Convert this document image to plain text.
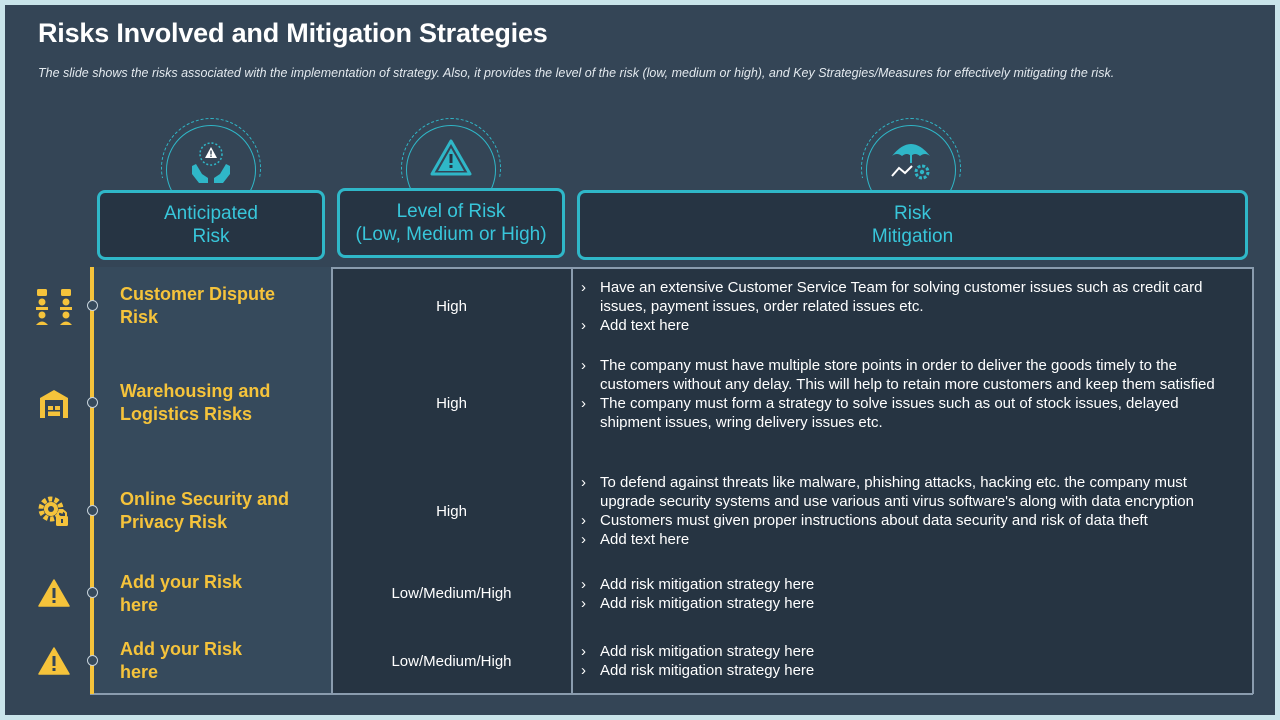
Risks Involved and Mitigation Strategies

The slide shows the risks associated with the implementation of strategy. Also, it provides the level of the risk (low, medium or high), and Key Strategies/Measures for effectively mitigating the risk.

Anticipated
Risk
Level of Risk
(Low, Medium or High)
Risk
Mitigation
Customer Dispute
Risk
High
› Have an extensive Customer Service Team for solving customer issues such as credit card issues, payment issues, order related issues etc.
› Add text here
Warehousing and
Logistics Risks
High
› The company must have multiple store points in order to deliver the goods timely to the customers without any delay. This will help to retain more customers and keep them satisfied
› The company must form a strategy to solve issues such as out of stock issues, delayed shipment issues, wring delivery issues etc.
Online Security and
Privacy Risk
High
› To defend against threats like malware, phishing attacks, hacking etc. the company must upgrade security systems and use various anti virus software's along with data encryption
› Customers must given proper instructions about data security and risk of data theft
› Add text here
Add your Risk
here
Low/Medium/High
› Add risk mitigation strategy here
› Add risk mitigation strategy here
Add your Risk
here
Low/Medium/High
› Add risk mitigation strategy here
› Add risk mitigation strategy here
